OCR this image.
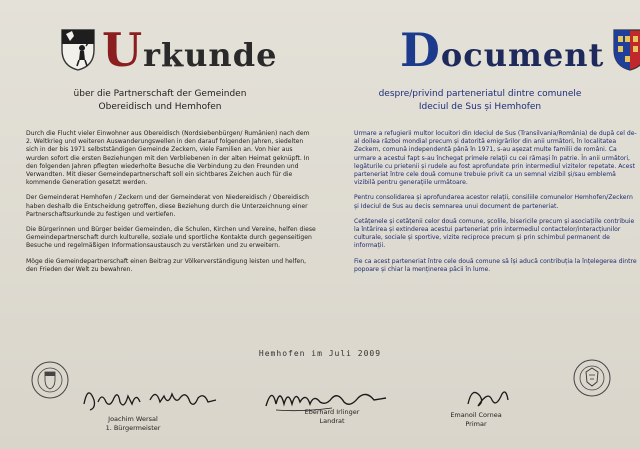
Urkunde
über die Partnerschaft der Gemeinden
Obereidisch und Hemhofen

Durch die Flucht vieler Einwohner aus Obereidisch (Nordsiebenbürgen/ Rumänien) nach dem 2. Weltkrieg und weiteren Auswanderungswellen in den darauf folgenden Jahren, siedelten sich in der bis 1971 selbstständigen Gemeinde Zeckern, viele Familien an. Von hier aus wurden sofort die ersten Beziehungen mit den Verbliebenen in der alten Heimat geknüpft. In den folgenden Jahren pflegten wiederholte Besuche die Verbindung zu den Freunden und Verwandten. Mit dieser Gemeindepartnerschaft soll ein sichtbares Zeichen auch für die kommende Generation gesetzt werden.

Der Gemeinderat Hemhofen / Zeckern und der Gemeinderat von Niedereidisch / Obereidisch haben deshalb die Entscheidung getroffen, diese Beziehung durch die Unterzeichnung einer Partnerschaftsurkunde zu festigen und vertiefen.

Die Bürgerinnen und Bürger beider Gemeinden, die Schulen, Kirchen und Vereine, helfen diese Gemeindepartnerschaft durch kulturelle, soziale und sportliche Kontakte durch gegenseitigen Besuche und regelmäßigen Informationsaustausch zu verstärken und zu erweitern.

Möge die Gemeindepartnerschaft einen Beitrag zur Völkerverständigung leisten und helfen, den Frieden der Welt zu bewahren.

Document
despre/privind parteneriatul dintre comunele
Ideciul de Sus și Hemhofen

Urmare a refugierii multor locuitori din Ideciul de Sus (Transilvania/România) de după cel de-al doilea război mondial precum și datorită emigrărilor din anii următori, în localitatea Zeckern, comună independentă până în 1971, s-au așezat multe familii de români. Ca urmare a acestui fapt s-au închegat primele relații cu cei rămași în patrie. În anii următori, legăturile cu prietenii și rudele au fost aprofundate prin intermediul vizitelor repetate. Acest parteneriat între cele două comune trebuie privit ca un semnal vizibil și/sau emblemă vizibilă pentru generațiile următoare.

Pentru consolidarea și aprofundarea acestor relații, consiliile comunelor Hemhofen/Zeckern și Ideciul de Sus au decis semnarea unui document de parteneriat.

Cetățenele și cetățenii celor două comune, școlile, bisericile precum și asociațiile contribuie la întărirea și extinderea acestui parteneriat prin intermediul contactelor/interacțiunilor culturale, sociale și sportive, vizite reciproce precum și prin schimbul permanent de informații.

Fie ca acest parteneriat între cele două comune să își aducă contribuția la înțelegerea dintre popoare și chiar la menținerea păcii în lume.

Hemhofen im Juli 2009
Joachim Wersal
1. Bürgermeister
Eberhard Irlinger
Landrat
Emanoil Cornea
Primar
